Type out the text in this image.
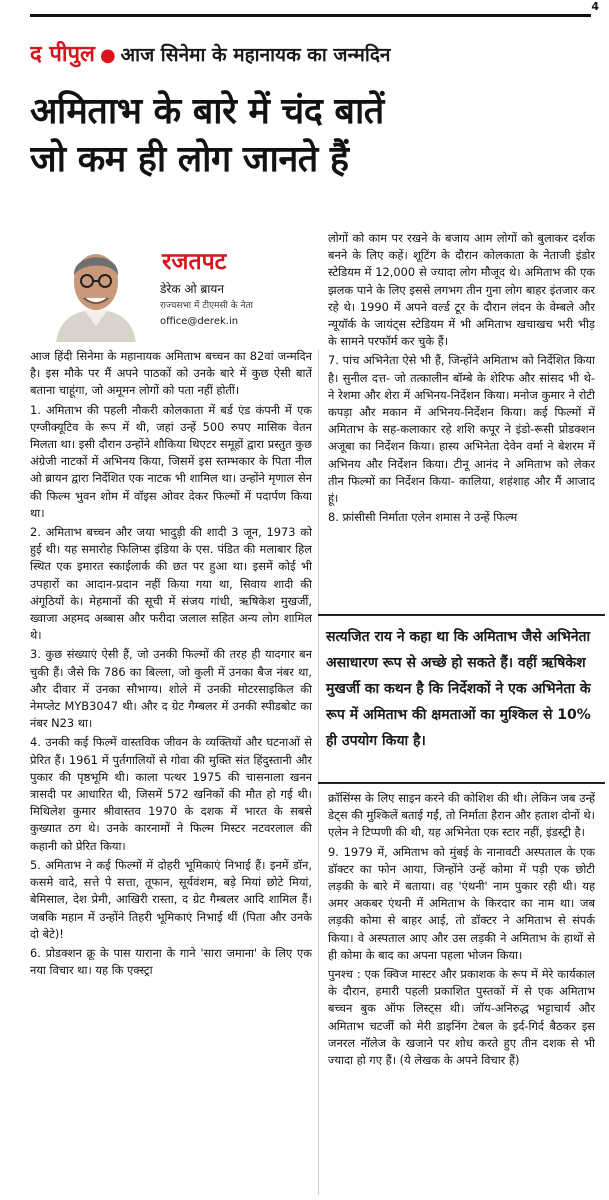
4
द पीपुल ● आज सिनेमा के महानायक का जन्मदिन
अमिताभ के बारे में चंद बातें
जो कम ही लोग जानते हैं
रजतपट
डेरेक ओ ब्रायन
राज्यसभा में टीएमसी के नेता
office@derek.in

आज हिंदी सिनेमा के महानायक अमिताभ बच्चन का 82वां जन्मदिन है। इस मौके पर मैं अपने पाठकों को उनके बारे में कुछ ऐसी बातें बताना चाहूंगा, जो अमूमन लोगों को पता नहीं होतीं।

1. अमिताभ की पहली नौकरी कोलकाता में बर्ड एंड कंपनी में एक एग्जीक्यूटिव के रूप में थी, जहां उन्हें 500 रुपए मासिक वेतन मिलता था। इसी दौरान उन्होंने शौकिया थिएटर समूहों द्वारा प्रस्तुत कुछ अंग्रेजी नाटकों में अभिनय किया, जिसमें इस स्तम्भकार के पिता नील ओ ब्रायन द्वारा निर्देशित एक नाटक भी शामिल था। उन्होंने मृणाल सेन की फिल्म भुवन शोम में वॉइस ओवर देकर फिल्मों में पदार्पण किया था।

2. अमिताभ बच्चन और जया भादुड़ी की शादी 3 जून, 1973 को हुई थी। यह समारोह फिलिप्स इंडिया के एस. पंडित की मलाबार हिल स्थित एक इमारत स्काईलार्क की छत पर हुआ था। इसमें कोई भी उपहारों का आदान-प्रदान नहीं किया गया था, सिवाय शादी की अंगूठियों के। मेहमानों की सूची में संजय गांधी, ऋषिकेश मुखर्जी, ख्वाजा अहमद अब्बास और फरीदा जलाल सहित अन्य लोग शामिल थे।

3. कुछ संख्याएं ऐसी हैं, जो उनकी फिल्मों की तरह ही यादगार बन चुकी हैं। जैसे कि 786 का बिल्ला, जो कुली में उनका बैज नंबर था, और दीवार में उनका सौभाग्य। शोले में उनकी मोटरसाइकिल की नेमप्लेट MYB3047 थी। और द ग्रेट गैम्बलर में उनकी स्पीडबोट का नंबर N23 था।

4. उनकी कई फिल्में वास्तविक जीवन के व्यक्तियों और घटनाओं से प्रेरित हैं। 1961 में पुर्तगालियों से गोवा की मुक्ति संत हिंदुस्तानी और पुकार की पृष्ठभूमि थी। काला पत्थर 1975 की चासनाला खनन त्रासदी पर आधारित थी, जिसमें 572 खनिकों की मौत हो गई थी। मिथिलेश कुमार श्रीवास्तव 1970 के दशक में भारत के सबसे कुख्यात ठग थे। उनके कारनामों ने फिल्म मिस्टर नटवरलाल की कहानी को प्रेरित किया।

5. अमिताभ ने कई फिल्मों में दोहरी भूमिकाएं निभाई हैं। इनमें डॉन, कसमे वादे, सत्ते पे सत्ता, तूफान, सूर्यवंशम, बड़े मियां छोटे मियां, बेमिसाल, देश प्रेमी, आखिरी रास्ता, द ग्रेट गैम्बलर आदि शामिल हैं। जबकि महान में उन्होंने तिहरी भूमिकाएं निभाई थीं (पिता और उनके दो बेटे)!

6. प्रोडक्शन क्रू के पास याराना के गाने 'सारा जमाना' के लिए एक नया विचार था। यह कि एक्स्ट्रा

लोगों को काम पर रखने के बजाय आम लोगों को बुलाकर दर्शक बनने के लिए कहें। शूटिंग के दौरान कोलकाता के नेताजी इंडोर स्टेडियम में 12,000 से ज्यादा लोग मौजूद थे। अमिताभ की एक झलक पाने के लिए इससे लगभग तीन गुना लोग बाहर इंतजार कर रहे थे। 1990 में अपने वर्ल्ड टूर के दौरान लंदन के वेम्बले और न्यूयॉर्क के जायंट्स स्टेडियम में भी अमिताभ खचाखच भरी भीड़ के सामने परफॉर्म कर चुके हैं।

7. पांच अभिनेता ऐसे भी हैं, जिन्होंने अमिताभ को निर्देशित किया है। सुनील दत्त- जो तत्कालीन बॉम्बे के शेरिफ और सांसद भी थे- ने रेशमा और शेरा में अभिनय-निर्देशन किया। मनोज कुमार ने रोटी कपड़ा और मकान में अभिनय-निर्देशन किया। कई फिल्मों में अमिताभ के सह-कलाकार रहे शशि कपूर ने इंडो-रूसी प्रोडक्शन अजूबा का निर्देशन किया। हास्य अभिनेता देवेन वर्मा ने बेशरम में अभिनय और निर्देशन किया। टीनू आनंद ने अमिताभ को लेकर तीन फिल्मों का निर्देशन किया- कालिया, शहंशाह और मैं आजाद हूं।

8. फ्रांसीसी निर्माता एलेन शमास ने उन्हें फिल्म

सत्यजित राय ने कहा था कि अमिताभ जैसे अभिनेता असाधारण रूप से अच्छे हो सकते हैं। वहीं ऋषिकेश मुखर्जी का कथन है कि निर्देशकों ने एक अभिनेता के रूप में अमिताभ की क्षमताओं का मुश्किल से 10% ही उपयोग किया है।

क्रॉसिंग्स के लिए साइन करने की कोशिश की थी। लेकिन जब उन्हें डेट्स की मुश्किलें बताई गईं, तो निर्माता हैरान और हताश दोनों थे। एलेन ने टिप्पणी की थी, यह अभिनेता एक स्टार नहीं, इंडस्ट्री है।

9. 1979 में, अमिताभ को मुंबई के नानावटी अस्पताल के एक डॉक्टर का फोन आया, जिन्होंने उन्हें कोमा में पड़ी एक छोटी लड़की के बारे में बताया। वह 'एंथनी' नाम पुकार रही थी। यह अमर अकबर एंथनी में अमिताभ के किरदार का नाम था। जब लड़की कोमा से बाहर आई, तो डॉक्टर ने अमिताभ से संपर्क किया। वे अस्पताल आए और उस लड़की ने अमिताभ के हाथों से ही कोमा के बाद का अपना पहला भोजन किया।

पुनश्च : एक क्विज मास्टर और प्रकाशक के रूप में मेरे कार्यकाल के दौरान, हमारी पहली प्रकाशित पुस्तकों में से एक अमिताभ बच्चन बुक ऑफ लिस्ट्स थी। जॉय-अनिरुद्ध भट्टाचार्य और अमिताभ चटर्जी को मेरी डाइनिंग टेबल के इर्द-गिर्द बैठकर इस जनरल नॉलेज के खजाने पर शोध करते हुए तीन दशक से भी ज्यादा हो गए हैं। (ये लेखक के अपने विचार हैं)
